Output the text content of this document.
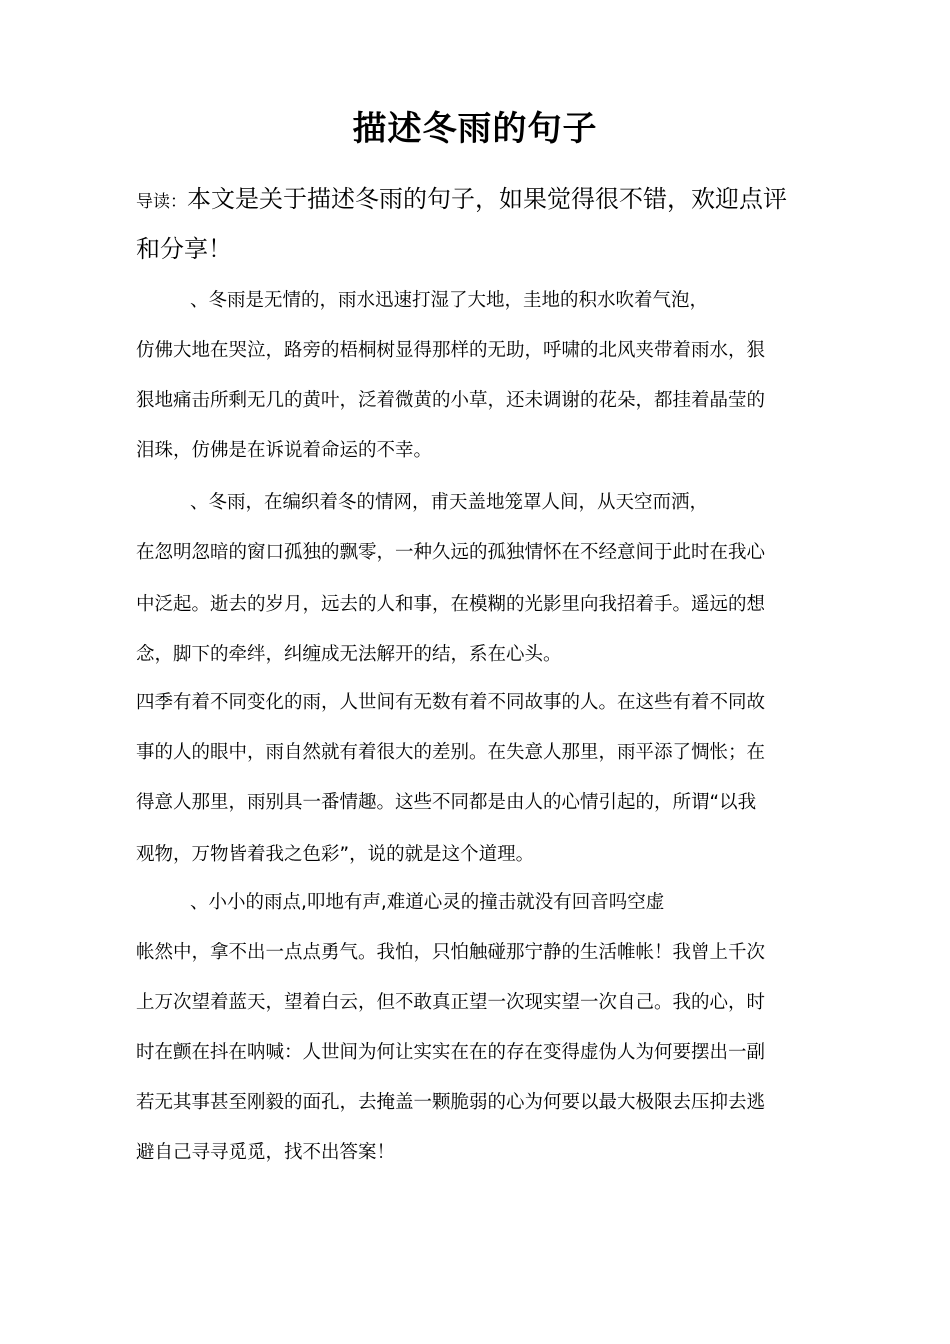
描述冬雨的句子
导读：本文是关于描述冬雨的句子，如果觉得很不错，欢迎点评
和分享！
、冬雨是无情的，雨水迅速打湿了大地，圭地的积水吹着气泡，
仿佛大地在哭泣，路旁的梧桐树显得那样的无助，呼啸的北风夹带着雨水，狠
狠地痛击所剩无几的黄叶，泛着微黄的小草，还未调谢的花朵，都挂着晶莹的
泪珠，仿佛是在诉说着命运的不幸。
、冬雨，在编织着冬的情网，甫天盖地笼罩人间，从天空而洒，
在忽明忽暗的窗口孤独的飘零，一种久远的孤独情怀在不经意间于此时在我心
中泛起。逝去的岁月，远去的人和事，在模糊的光影里向我招着手。遥远的想
念，脚下的牵绊，纠缠成无法解开的结，系在心头。
四季有着不同变化的雨，人世间有无数有着不同故事的人。在这些有着不同故
事的人的眼中，雨自然就有着很大的差别。在失意人那里，雨平添了惆怅；在
得意人那里，雨别具一番情趣。这些不同都是由人的心情引起的，所谓“以我
观物，万物皆着我之色彩”，说的就是这个道理。
、小小的雨点,叩地有声,难道心灵的撞击就没有回音吗空虚
帐然中，拿不出一点点勇气。我怕，只怕触碰那宁静的生活帷帐！我曾上千次
上万次望着蓝天，望着白云，但不敢真正望一次现实望一次自己。我的心，时
时在颤在抖在呐喊：人世间为何让实实在在的存在变得虚伪人为何要摆出一副
若无其事甚至刚毅的面孔，去掩盖一颗脆弱的心为何要以最大极限去压抑去逃
避自己寻寻觅觅，找不出答案！
